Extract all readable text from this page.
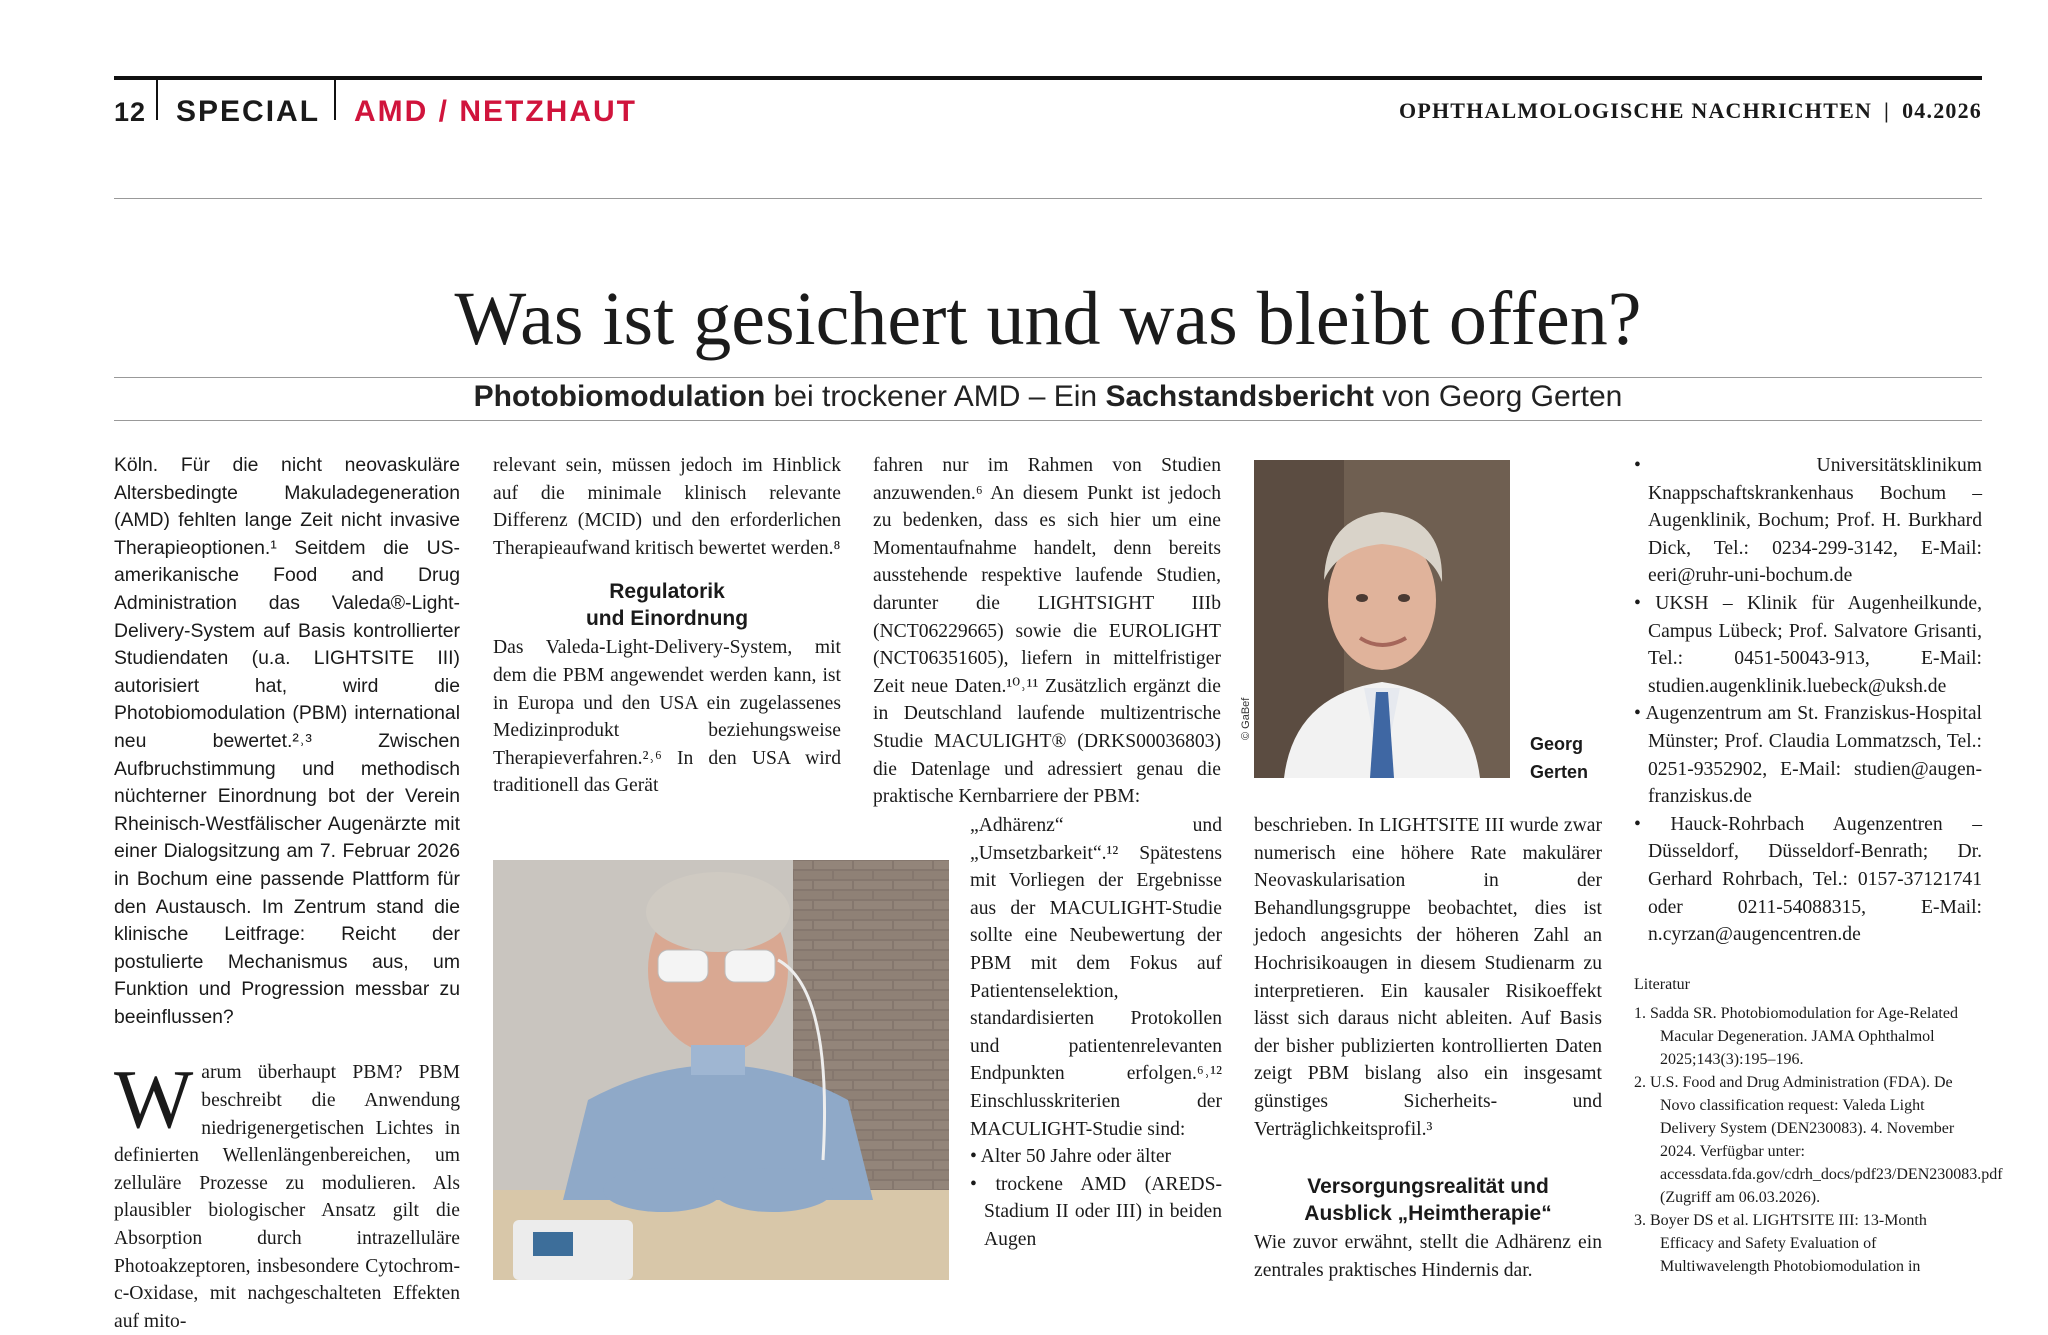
12 SPECIAL AMD / NETZHAUT	OPHTHALMOLOGISCHE NACHRICHTEN | 04.2026
Was ist gesichert und was bleibt offen?
Photobiomodulation bei trockener AMD – Ein Sachstandsbericht von Georg Gerten

Köln. Für die nicht neovaskuläre Altersbedingte Makuladegeneration (AMD) fehlten lange Zeit nicht invasive Therapieoptionen.¹ Seitdem die US-amerikanische Food and Drug Administration das Valeda®-Light-Delivery-System auf Basis kontrollierter Studiendaten (u.a. LIGHTSITE III) autorisiert hat, wird die Photobiomodulation (PBM) international neu bewertet.²˒³ Zwischen Aufbruchstimmung und methodisch nüchterner Einordnung bot der Verein Rheinisch-Westfälischer Augenärzte mit einer Dialogsitzung am 7. Februar 2026 in Bochum eine passende Plattform für den Austausch. Im Zentrum stand die klinische Leitfrage: Reicht der postulierte Mechanismus aus, um Funktion und Progression messbar zu beeinflussen?

Warum überhaupt PBM? PBM beschreibt die Anwendung niedrigenergetischen Lichtes in definierten Wellenlängenbereichen, um zelluläre Prozesse zu modulieren. Als plausibler biologischer Ansatz gilt die Absorption durch intrazelluläre Photoakzeptoren, insbesondere Cytochrom-c-Oxidase, mit nachgeschalteten Effekten auf mito-

relevant sein, müssen jedoch im Hinblick auf die minimale klinisch relevante Differenz (MCID) und den erforderlichen Therapieaufwand kritisch bewertet werden.⁸

Regulatorik
und Einordnung

Das Valeda-Light-Delivery-System, mit dem die PBM angewendet werden kann, ist in Europa und den USA ein zugelassenes Medizinprodukt beziehungsweise Therapieverfahren.²˒⁶ In den USA wird traditionell das Gerät

fahren nur im Rahmen von Studien anzuwenden.⁶ An diesem Punkt ist jedoch zu bedenken, dass es sich hier um eine Momentaufnahme handelt, denn bereits ausstehende respektive laufende Studien, darunter die LIGHTSIGHT IIIb (NCT06229665) sowie die EUROLIGHT (NCT06351605), liefern in mittelfristiger Zeit neue Daten.¹⁰˒¹¹ Zusätzlich ergänzt die in Deutschland laufende multizentrische Studie MACULIGHT® (DRKS00036803) die Datenlage und adressiert genau die praktische Kernbarriere der PBM:

„Adhärenz“ und „Umsetzbarkeit“.¹² Spätestens mit Vorliegen der Ergebnisse aus der MACULIGHT-Studie sollte eine Neubewertung der PBM mit dem Fokus auf Patientenselektion, standardisierten Protokollen und patientenrelevanten Endpunkten erfolgen.⁶˒¹² Einschlusskriterien der MACULIGHT-Studie sind:

• Alter 50 Jahre oder älter

• trockene AMD (AREDS-Stadium II oder III) in beiden Augen

© GaBef
Georg
Gerten

beschrieben. In LIGHTSITE III wurde zwar numerisch eine höhere Rate makulärer Neovaskularisation in der Behandlungsgruppe beobachtet, dies ist jedoch angesichts der höheren Zahl an Hochrisikoaugen in diesem Studienarm zu interpretieren. Ein kausaler Risikoeffekt lässt sich daraus nicht ableiten. Auf Basis der bisher publizierten kontrollierten Daten zeigt PBM bislang also ein insgesamt günstiges Sicherheits- und Verträglichkeitsprofil.³

Versorgungsrealität und
Ausblick „Heimtherapie“

Wie zuvor erwähnt, stellt die Adhärenz ein zentrales praktisches Hindernis dar.

• Universitätsklinikum Knappschaftskrankenhaus Bochum – Augenklinik, Bochum; Prof. H. Burkhard Dick, Tel.: 0234-299-3142, E-Mail: eeri@ruhr-uni-bochum.de

• UKSH – Klinik für Augenheilkunde, Campus Lübeck; Prof. Salvatore Grisanti, Tel.: 0451-50043-913, E-Mail: studien.augenklinik.luebeck@uksh.de

• Augenzentrum am St. Franziskus-Hospital Münster; Prof. Claudia Lommatzsch, Tel.: 0251-9352902, E-Mail: studien@augen-franziskus.de

• Hauck-Rohrbach Augenzentren – Düsseldorf, Düsseldorf-Benrath; Dr. Gerhard Rohrbach, Tel.: 0157-37121741 oder 0211-54088315, E-Mail: n.cyrzan@augencentren.de

Literatur

1. Sadda SR. Photobiomodulation for Age-Related Macular Degeneration. JAMA Ophthalmol 2025;143(3):195–196.

2. U.S. Food and Drug Administration (FDA). De Novo classification request: Valeda Light Delivery System (DEN230083). 4. November 2024. Verfügbar unter: accessdata.fda.gov/cdrh_docs/pdf23/DEN230083.pdf (Zugriff am 06.03.2026).

3. Boyer DS et al. LIGHTSITE III: 13-Month Efficacy and Safety Evaluation of Multiwavelength Photobiomodulation in
